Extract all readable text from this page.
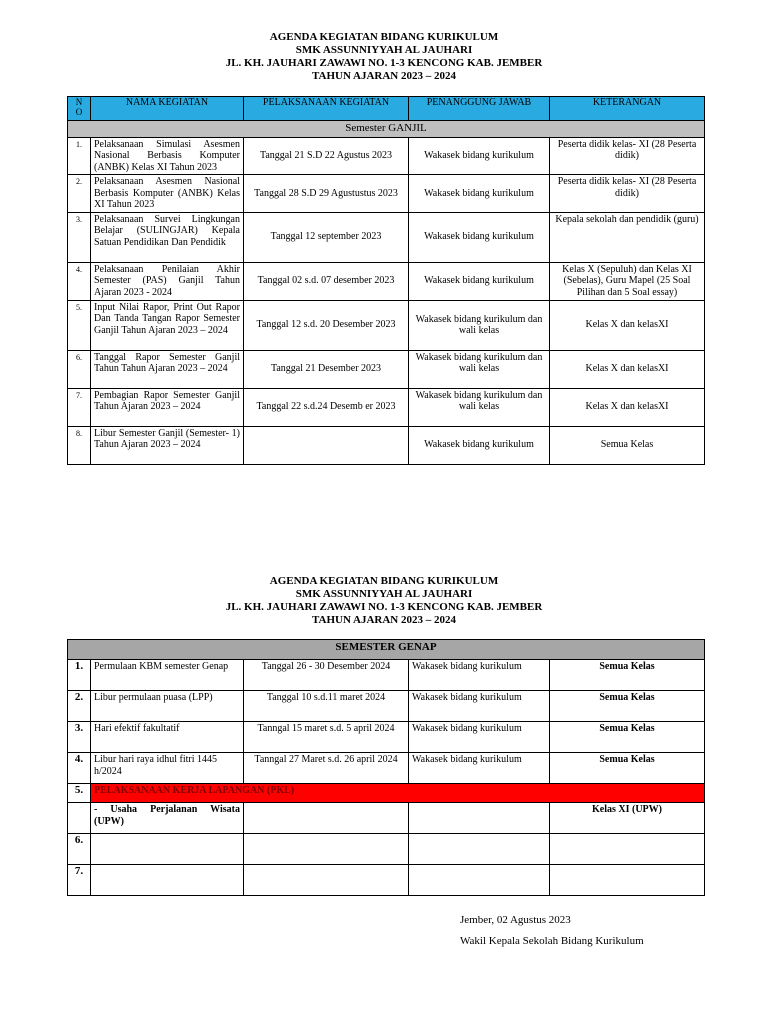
AGENDA KEGIATAN BIDANG KURIKULUM
SMK ASSUNNIYYAH AL JAUHARI
JL. KH. JAUHARI ZAWAWI NO. 1-3 KENCONG KAB. JEMBER
TAHUN AJARAN 2023 – 2024
N
O	NAMA KEGIATAN	PELAKSANAAN KEGIATAN	PENANGGUNG JAWAB	KETERANGAN
Semester GANJIL				
1.	Pelaksanaan Simulasi Asesmen Nasional Berbasis Komputer (ANBK) Kelas XI Tahun 2023	Tanggal 21 S.D 22 Agustus 2023	Wakasek bidang kurikulum	Peserta didik kelas- XI (28 Peserta didik)
2.	Pelaksanaan Asesmen Nasional Berbasis Komputer (ANBK) Kelas XI Tahun 2023	Tanggal 28 S.D 29 Agustustus 2023	Wakasek bidang kurikulum	Peserta didik kelas- XI (28 Peserta didik)
3.	Pelaksanaan Survei Lingkungan Belajar (SULINGJAR) Kepala Satuan Pendidikan Dan Pendidik	Tanggal 12 september 2023	Wakasek bidang kurikulum	Kepala sekolah dan pendidik (guru)
4.	Pelaksanaan Penilaian Akhir Semester (PAS) Ganjil Tahun Ajaran 2023 - 2024	Tanggal 02 s.d. 07 desember 2023	Wakasek bidang kurikulum	Kelas X (Sepuluh) dan Kelas XI (Sebelas), Guru Mapel (25 Soal Pilihan dan 5 Soal essay)
5.	Input Nilai Rapor, Print Out Rapor Dan Tanda Tangan Rapor Semester Ganjil Tahun Ajaran 2023 – 2024	Tanggal 12 s.d. 20 Desember 2023	Wakasek bidang kurikulum dan wali kelas	Kelas X dan kelasXI
6.	Tanggal Rapor Semester Ganjil Tahun Tahun Ajaran 2023 – 2024	Tanggal 21 Desember 2023	Wakasek bidang kurikulum dan wali kelas	Kelas X dan kelasXI
7.	Pembagian Rapor Semester Ganjil Tahun Ajaran 2023 – 2024	Tanggal 22 s.d.24 Desemb er 2023	Wakasek bidang kurikulum dan wali kelas	Kelas X dan kelasXI
8.	Libur Semester Ganjil (Semester- 1) Tahun Ajaran 2023 – 2024		Wakasek bidang kurikulum	Semua Kelas
AGENDA KEGIATAN BIDANG KURIKULUM
SMK ASSUNNIYYAH AL JAUHARI
JL. KH. JAUHARI ZAWAWI NO. 1-3 KENCONG KAB. JEMBER
TAHUN AJARAN 2023 – 2024
SEMESTER GENAP				
1.	Permulaan KBM semester Genap	Tanggal 26 - 30 Desember 2024	Wakasek bidang kurikulum	Semua Kelas
2.	Libur permulaan puasa (LPP)	Tanggal 10 s.d.11 maret 2024	Wakasek bidang kurikulum	Semua Kelas
3.	Hari efektif fakultatif	Tanngal 15 maret s.d. 5 april 2024	Wakasek bidang kurikulum	Semua Kelas
4.	Libur hari raya idhul fitri 1445 h/2024	Tanngal 27 Maret s.d. 26 april 2024	Wakasek bidang kurikulum	Semua Kelas
5.	PELAKSANAAN KERJA LAPANGAN (PKL)			
	- Usaha Perjalanan Wisata (UPW)			Kelas XI (UPW)
6.				
7.				
Jember, 02 Agustus 2023
Wakil Kepala Sekolah Bidang Kurikulum
